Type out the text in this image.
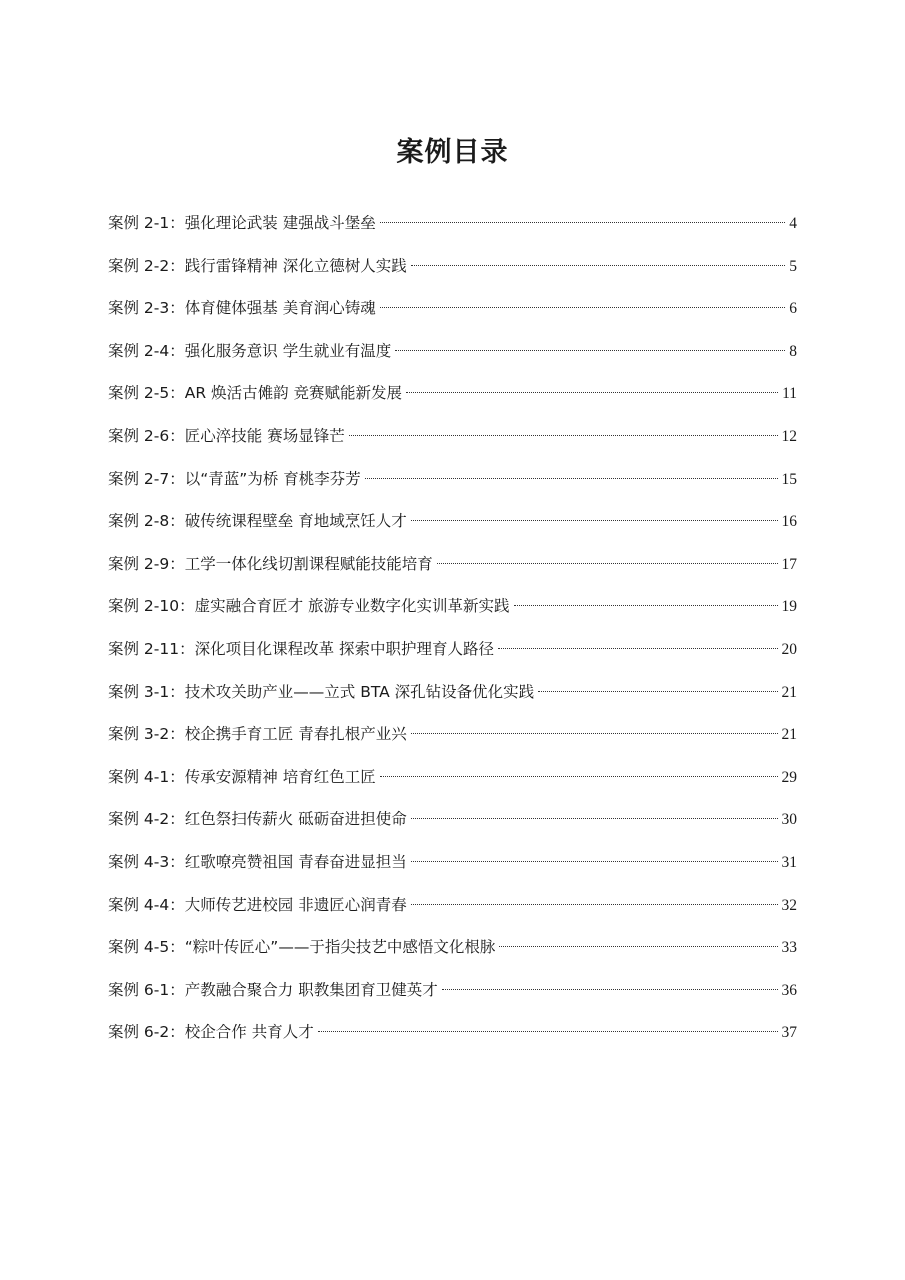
案例目录
案例 2-1 ： 强化理论武装 建强战斗堡垒	4
案例 2-2 ： 践行雷锋精神 深化立德树人实践	5
案例 2-3 ： 体育健体强基 美育润心铸魂	6
案例 2-4 ： 强化服务意识 学生就业有温度	8
案例 2-5 ： AR 焕活古傩韵 竞赛赋能新发展	11
案例 2-6 ： 匠心淬技能 赛场显锋芒	12
案例 2-7 ： 以“青蓝”为桥 育桃李芬芳	15
案例 2-8 ： 破传统课程壁垒 育地域烹饪人才	16
案例 2-9 ： 工学一体化线切割课程赋能技能培育	17
案例 2-10 ： 虚实融合育匠才 旅游专业数字化实训革新实践	19
案例 2-11 ： 深化项目化课程改革 探索中职护理育人路径	20
案例 3-1 ： 技术攻关助产业——立式 BTA 深孔钻设备优化实践	21
案例 3-2 ： 校企携手育工匠 青春扎根产业兴	21
案例 4-1 ： 传承安源精神 培育红色工匠	29
案例 4-2 ： 红色祭扫传薪火 砥砺奋进担使命	30
案例 4-3 ： 红歌嘹亮赞祖国 青春奋进显担当	31
案例 4-4 ： 大师传艺进校园 非遗匠心润青春	32
案例 4-5 ： “粽叶传匠心”——于指尖技艺中感悟文化根脉	33
案例 6-1 ： 产教融合聚合力 职教集团育卫健英才	36
案例 6-2 ： 校企合作 共育人才	37
